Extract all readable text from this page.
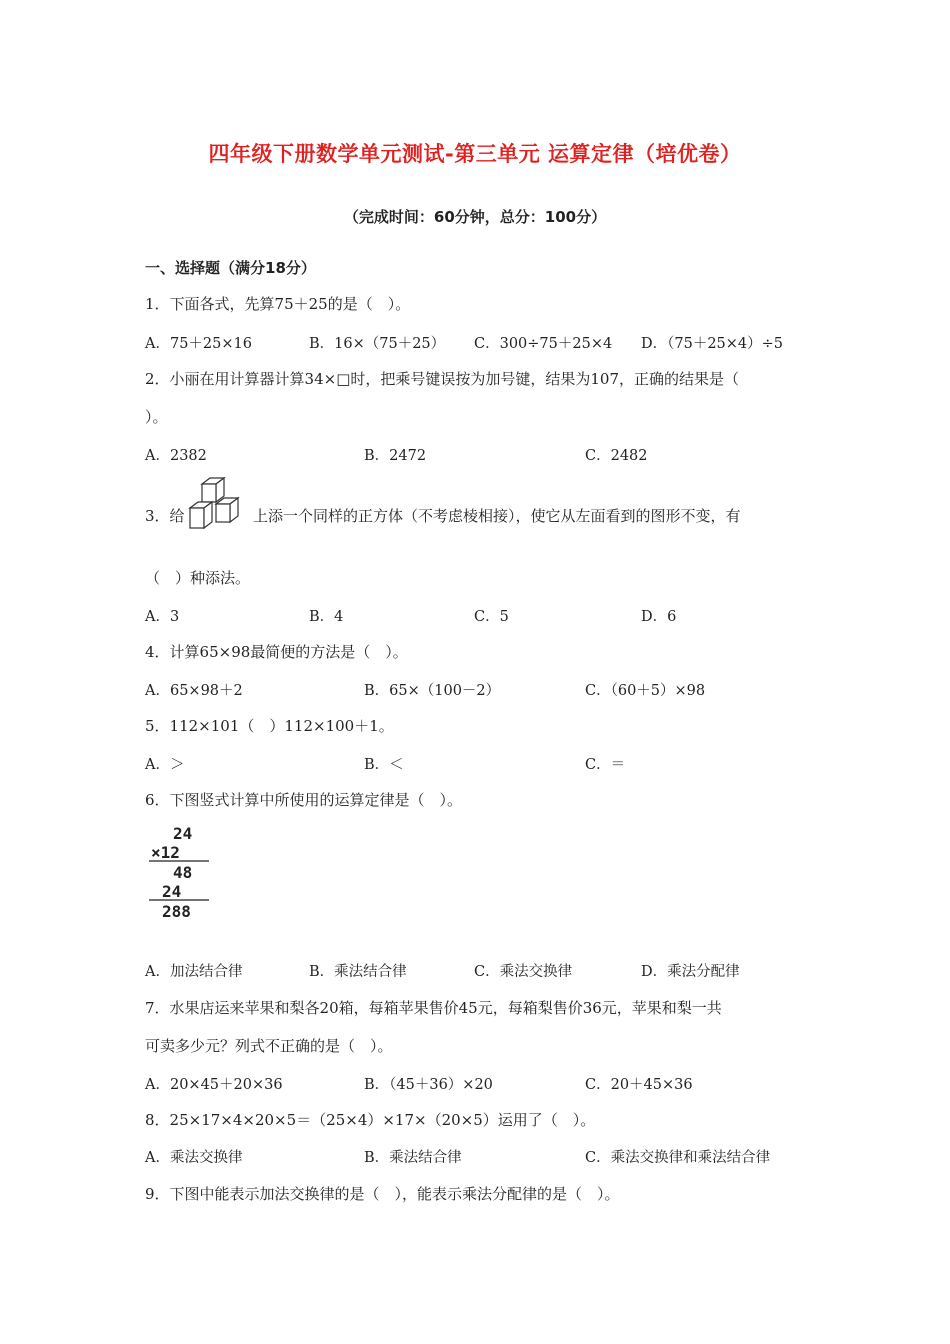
四年级下册数学单元测试-第三单元 运算定律（培优卷）
（完成时间：60分钟，总分：100分）
一、选择题（满分18分）
1．下面各式，先算75＋25的是（　）。
A．75＋25×16	B．16×（75＋25） C．300÷75＋25×4 D．（75＋25×4）÷5
2．小丽在用计算器计算34×□时，把乘号键误按为加号键，结果为107，正确的结果是（
）。
A．2382	B．2472	C．2482
3．给	上添一个同样的正方体（不考虑棱相接），使它从左面看到的图形不变，有
（　）种添法。
A．3	B．4	C．5	D．6
4．计算65×98最简便的方法是（　）。
A．65×98＋2	B．65×（100－2）	C．（60＋5）×98
5．112×101（　）112×100＋1。
A．＞	B．＜	C．＝
6．下图竖式计算中所使用的运算定律是（　）。
24
×12
48
24
288
A．加法结合律	B．乘法结合律	C．乘法交换律	D．乘法分配律
7．水果店运来苹果和梨各20箱，每箱苹果售价45元，每箱梨售价36元，苹果和梨一共
可卖多少元？列式不正确的是（　）。
A．20×45＋20×36	B．（45＋36）×20	C．20＋45×36
8．25×17×4×20×5＝（25×4）×17×（20×5）运用了（　）。
A．乘法交换律	B．乘法结合律	C．乘法交换律和乘法结合律
9．下图中能表示加法交换律的是（　），能表示乘法分配律的是（　）。
